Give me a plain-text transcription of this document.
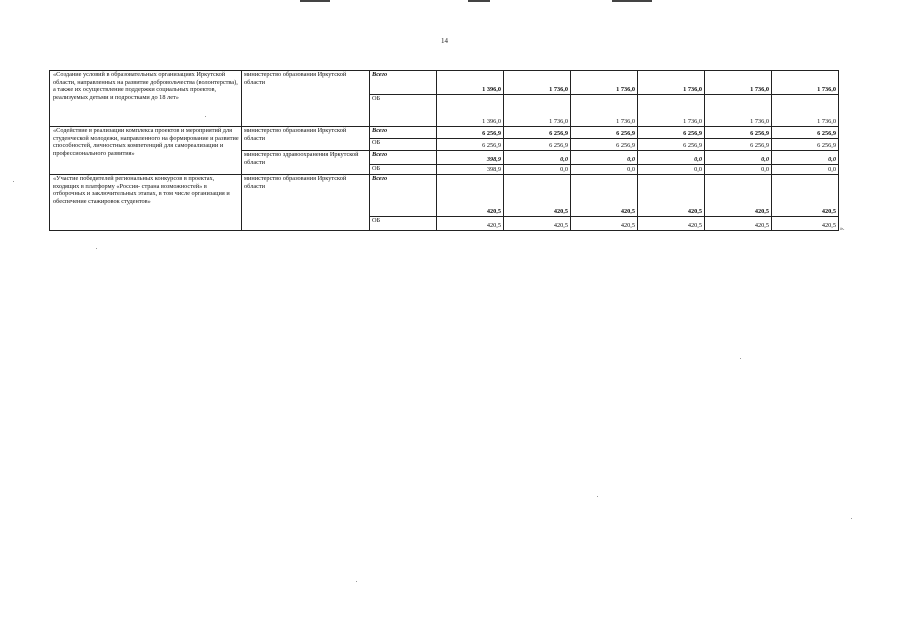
14
«Создание условий в образовательных организациях Иркутской области, направленных на развитие добровольчества (волонтерства), а также их осуществление поддержки социальных проектов, реализуемых детьми и подростками до 18 лет»	министерство образования Иркутской области	Всего	1 396,0	1 736,0	1 736,0	1 736,0	1 736,0	1 736,0
		ОБ	1 396,0	1 736,0	1 736,0	1 736,0	1 736,0	1 736,0
«Содействие в реализации комплекса проектов и мероприятий для студенческой молодежи, направленного на формирование и развитие способностей, личностных компетенций для самореализации и профессионального развития»	министерство образования Иркутской области	Всего	6 256,9	6 256,9	6 256,9	6 256,9	6 256,9	6 256,9
		ОБ	6 256,9	6 256,9	6 256,9	6 256,9	6 256,9	6 256,9
	министерство здравоохранения Иркутской области	Всего	398,9	0,0	0,0	0,0	0,0	0,0
		ОБ	398,9	0,0	0,0	0,0	0,0	0,0
«Участие победителей региональных конкурсов в проектах, входящих в платформу «Россия- страна возможностей» в отборочных и заключительных этапах, в том числе организация и обеспечение стажировок студентов»	министерство образования Иркутской области	Всего	420,5	420,5	420,5	420,5	420,5	420,5
		ОБ	420,5	420,5	420,5	420,5	420,5	420,5 ».
